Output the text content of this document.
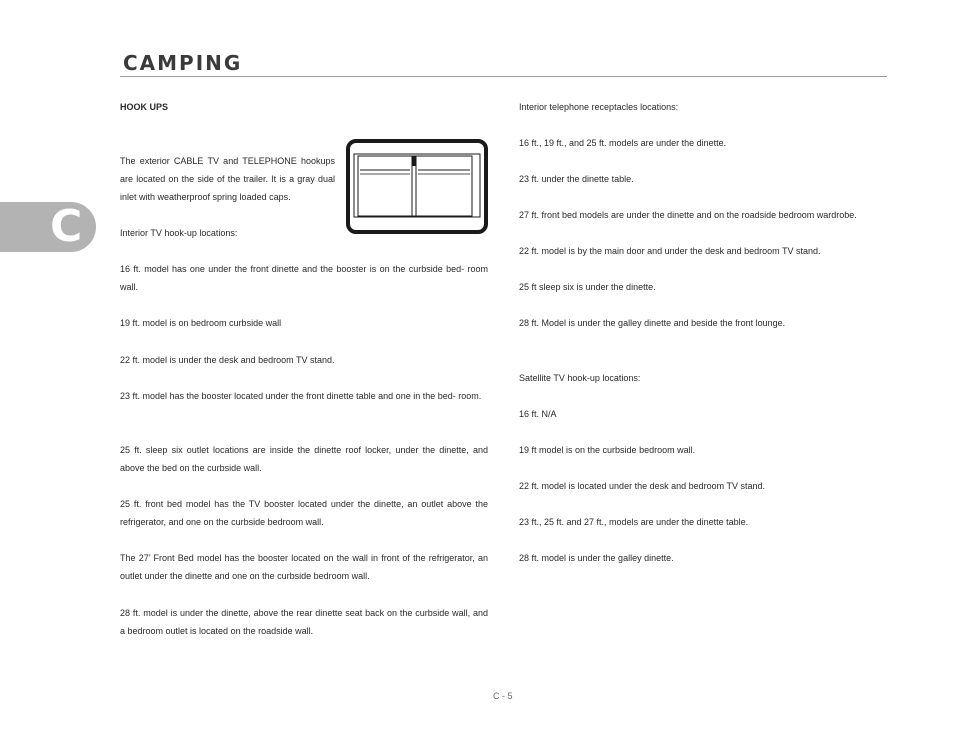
CAMPING
C

HOOK UPS

The exterior CABLE TV and TELEPHONE hookups are located on the side of the trailer. It is a gray dual inlet with weatherproof spring loaded caps.

Interior TV hook-up locations:

16 ft. model has one under the front dinette and the booster is on the curbside bed- room wall.

19 ft. model is on bedroom curbside wall

22 ft. model is under the desk and bedroom TV stand.

23 ft. model has the booster located under the front dinette table and one in the bed- room.

25 ft. sleep six outlet locations are inside the dinette roof locker, under the dinette, and above the bed on the curbside wall.

25 ft. front bed model has the TV booster located under the dinette, an outlet above the refrigerator, and one on the curbside bedroom wall.

The 27’ Front Bed model has the booster located on the wall in front of the refrigerator, an outlet under the dinette and one on the curbside bedroom wall.

28 ft. model is under the dinette, above the rear dinette seat back on the curbside wall, and a bedroom outlet is located on the roadside wall.

Interior telephone receptacles locations:

16 ft., 19 ft., and 25 ft. models are under the dinette.

23 ft. under the dinette table.

27 ft. front bed models are under the dinette and on the roadside bedroom wardrobe.

22 ft. model is by the main door and under the desk and bedroom TV stand.

25 ft sleep six is under the dinette.

28 ft. Model is under the galley dinette and beside the front lounge.

Satellite TV hook-up locations:

16 ft. N/A

19 ft model is on the curbside bedroom wall.

22 ft. model is located under the desk and bedroom TV stand.

23 ft., 25 ft. and 27 ft., models are under the dinette table.

28 ft. model is under the galley dinette.

C - 5
